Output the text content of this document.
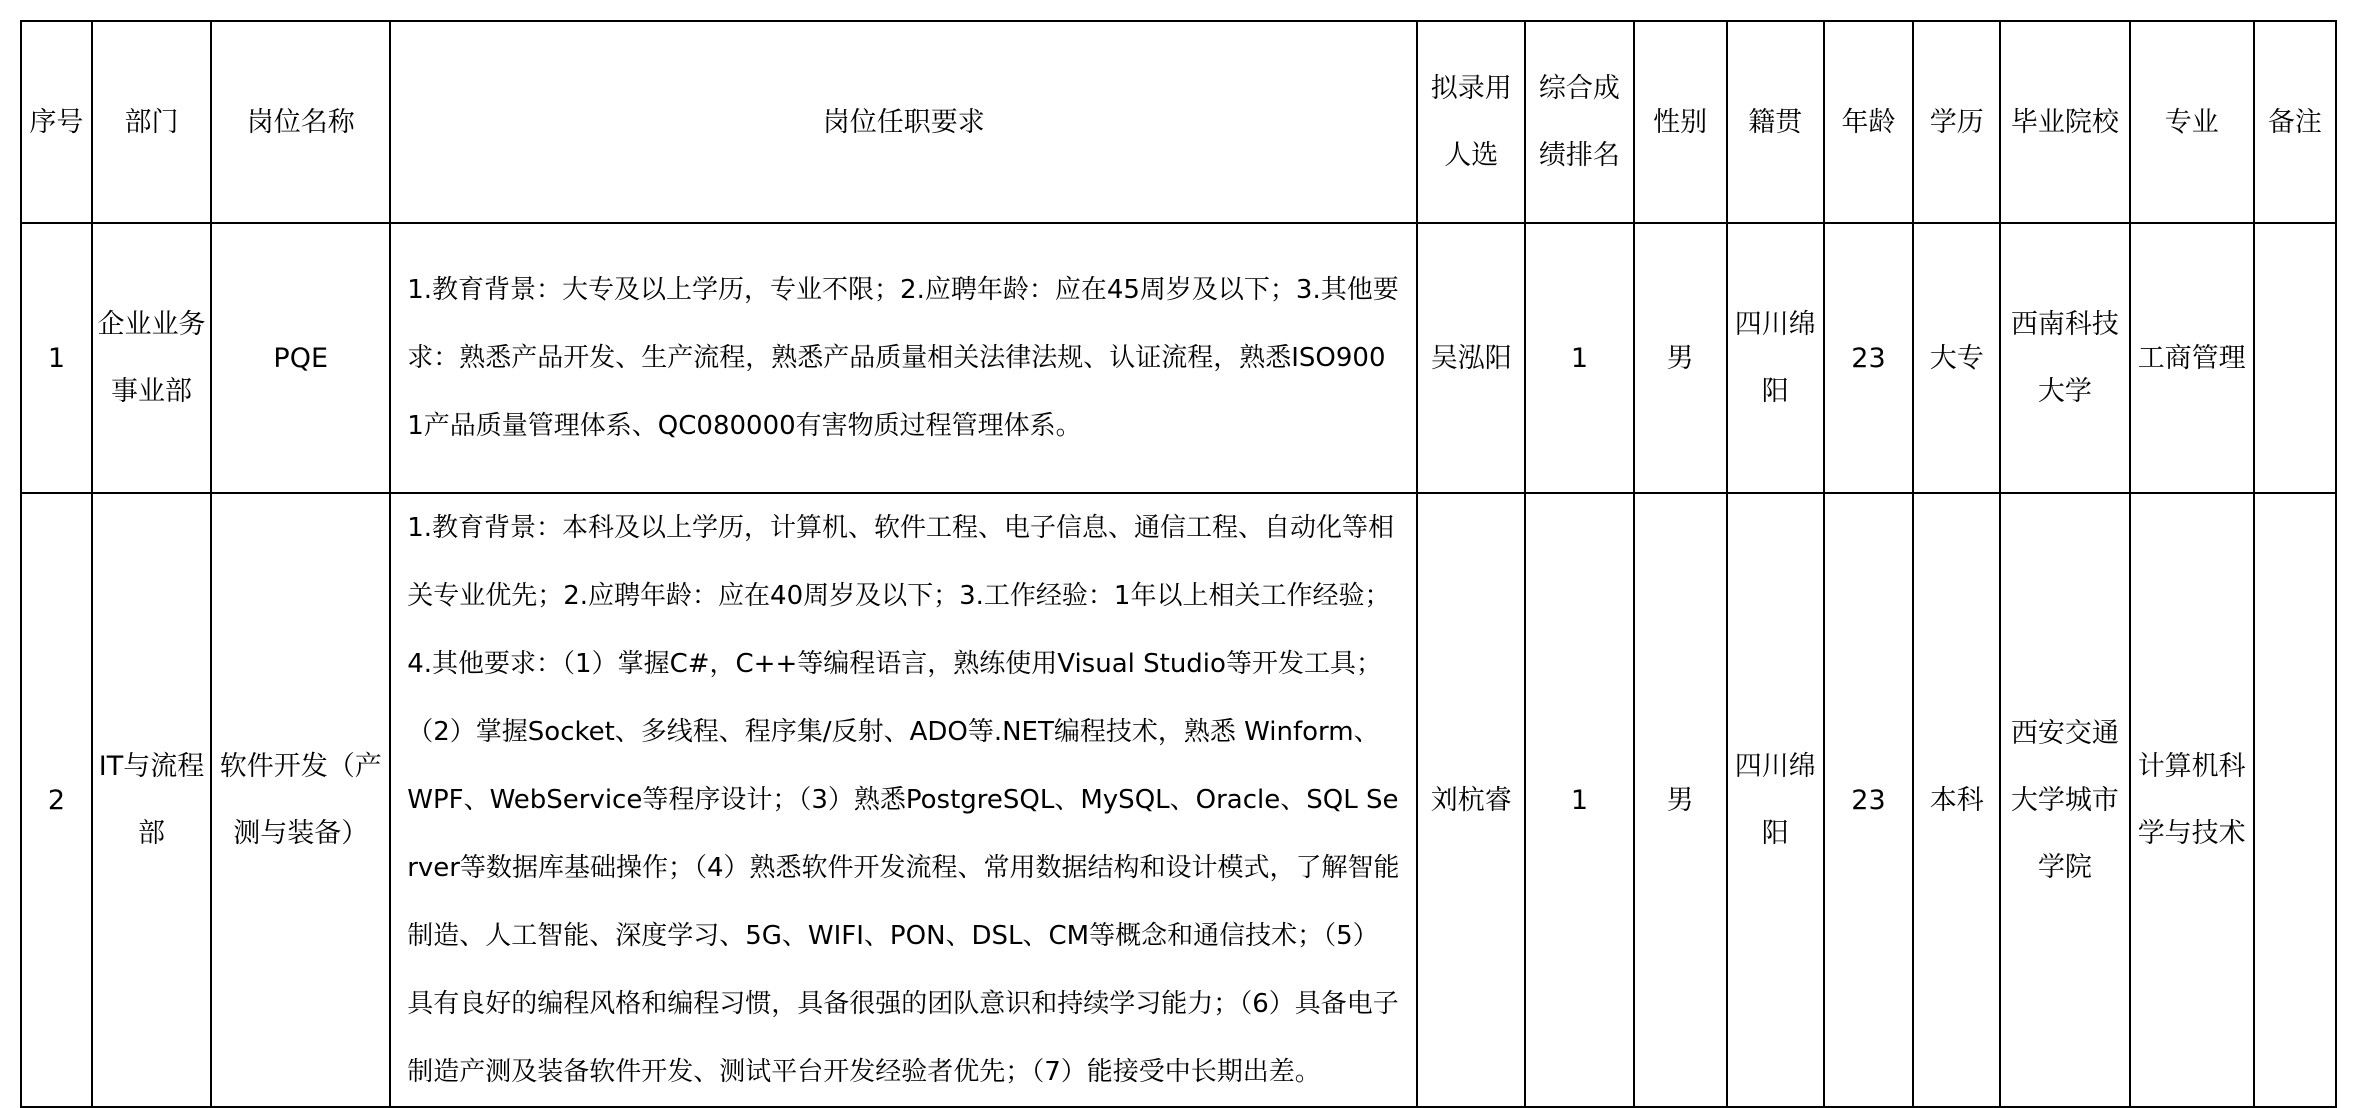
序号	部门	岗位名称	岗位任职要求	拟录用人选	综合成绩排名	性别	籍贯	年龄	学历	毕业院校	专业	备注
1	企业业务事业部	PQE	1.教育背景：大专及以上学历，专业不限；2.应聘年龄：应在45周岁及以下；3.其他要求：熟悉产品开发、生产流程，熟悉产品质量相关法律法规、认证流程，熟悉ISO9001产品质量管理体系、QC080000有害物质过程管理体系。	吴泓阳	1	男	四川绵阳	23	大专	西南科技大学	工商管理	
2	IT与流程部	软件开发（产测与装备）	1.教育背景：本科及以上学历，计算机、软件工程、电子信息、通信工程、自动化等相关专业优先；2.应聘年龄：应在40周岁及以下；3.工作经验：1年以上相关工作经验；4.其他要求：（1）掌握C#，C++等编程语言，熟练使用Visual Studio等开发工具；（2）掌握Socket、多线程、程序集/反射、ADO等.NET编程技术，熟悉 Winform、WPF、WebService等程序设计；（3）熟悉PostgreSQL、MySQL、Oracle、SQL Server等数据库基础操作；（4）熟悉软件开发流程、常用数据结构和设计模式，了解智能制造、人工智能、深度学习、5G、WIFI、PON、DSL、CM等概念和通信技术；（5）具有良好的编程风格和编程习惯，具备很强的团队意识和持续学习能力；（6）具备电子制造产测及装备软件开发、测试平台开发经验者优先；（7）能接受中长期出差。	刘杭睿	1	男	四川绵阳	23	本科	西安交通大学城市学院	计算机科学与技术	
